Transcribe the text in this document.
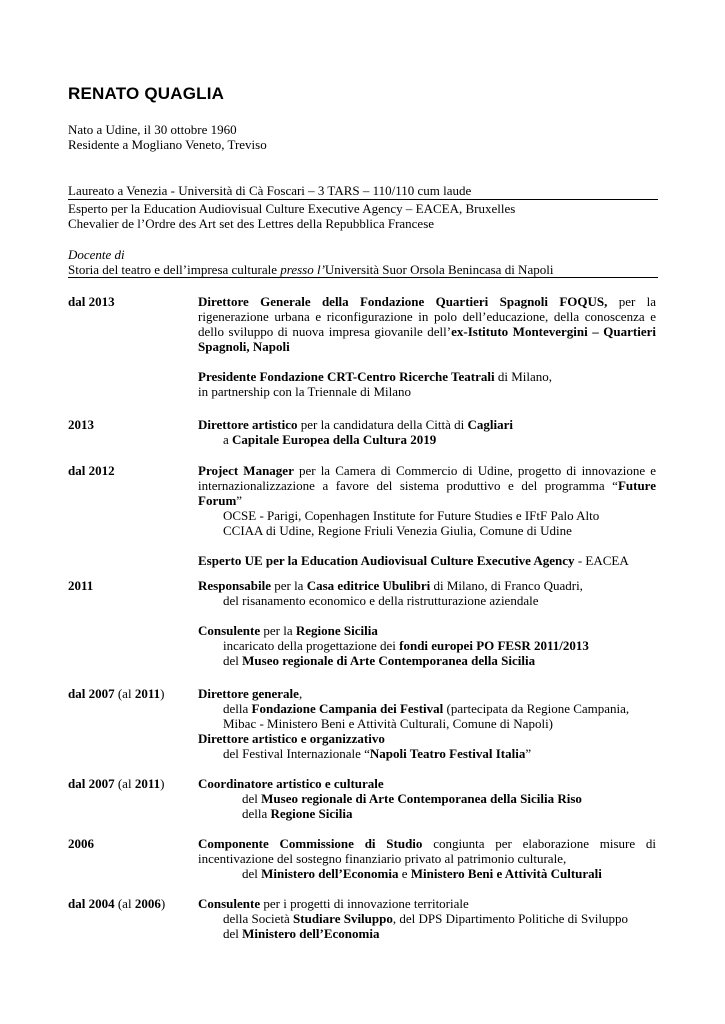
RENATO QUAGLIA
Nato a Udine, il 30 ottobre 1960
Residente a Mogliano Veneto, Treviso
Laureato a Venezia - Università di Cà Foscari – 3 TARS – 110/110 cum laude
Esperto per la Education Audiovisual Culture Executive Agency – EACEA, Bruxelles
Chevalier de l’Ordre des Art set des Lettres della Repubblica Francese
Docente di
Storia del teatro e dell’impresa culturale presso l’Università Suor Orsola Benincasa di Napoli
dal 2013	Direttore Generale della Fondazione Quartieri Spagnoli FOQUS, per la rigenerazione urbana e riconfigurazione in polo dell’educazione, della conoscenza e dello sviluppo di nuova impresa giovanile dell’ex-Istituto Montevergini – Quartieri Spagnoli, Napoli

Presidente Fondazione CRT-Centro Ricerche Teatrali di Milano,

in partnership con la Triennale di Milano

2013	Direttore artistico per la candidatura della Città di Cagliari

a Capitale Europea della Cultura 2019

dal 2012	Project Manager per la Camera di Commercio di Udine, progetto di innovazione e internazionalizzazione a favore del sistema produttivo e del programma “Future Forum”

OCSE - Parigi, Copenhagen Institute for Future Studies e IFtF Palo Alto

CCIAA di Udine, Regione Friuli Venezia Giulia, Comune di Udine

Esperto UE per la Education Audiovisual Culture Executive Agency - EACEA

2011	Responsabile per la Casa editrice Ubulibri di Milano, di Franco Quadri,

del risanamento economico e della ristrutturazione aziendale

Consulente per la Regione Sicilia

incaricato della progettazione dei fondi europei PO FESR 2011/2013

del Museo regionale di Arte Contemporanea della Sicilia

dal 2007 (al 2011)	Direttore generale,

della Fondazione Campania dei Festival (partecipata da Regione Campania,

Mibac - Ministero Beni e Attività Culturali, Comune di Napoli)

Direttore artistico e organizzativo

del Festival Internazionale “Napoli Teatro Festival Italia”

dal 2007 (al 2011)	Coordinatore artistico e culturale

del Museo regionale di Arte Contemporanea della Sicilia Riso

della Regione Sicilia

2006	Componente Commissione di Studio congiunta per elaborazione misure di incentivazione del sostegno finanziario privato al patrimonio culturale,

del Ministero dell’Economia e Ministero Beni e Attività Culturali

dal 2004 (al 2006)	Consulente per i progetti di innovazione territoriale

della Società Studiare Sviluppo, del DPS Dipartimento Politiche di Sviluppo

del Ministero dell’Economia
